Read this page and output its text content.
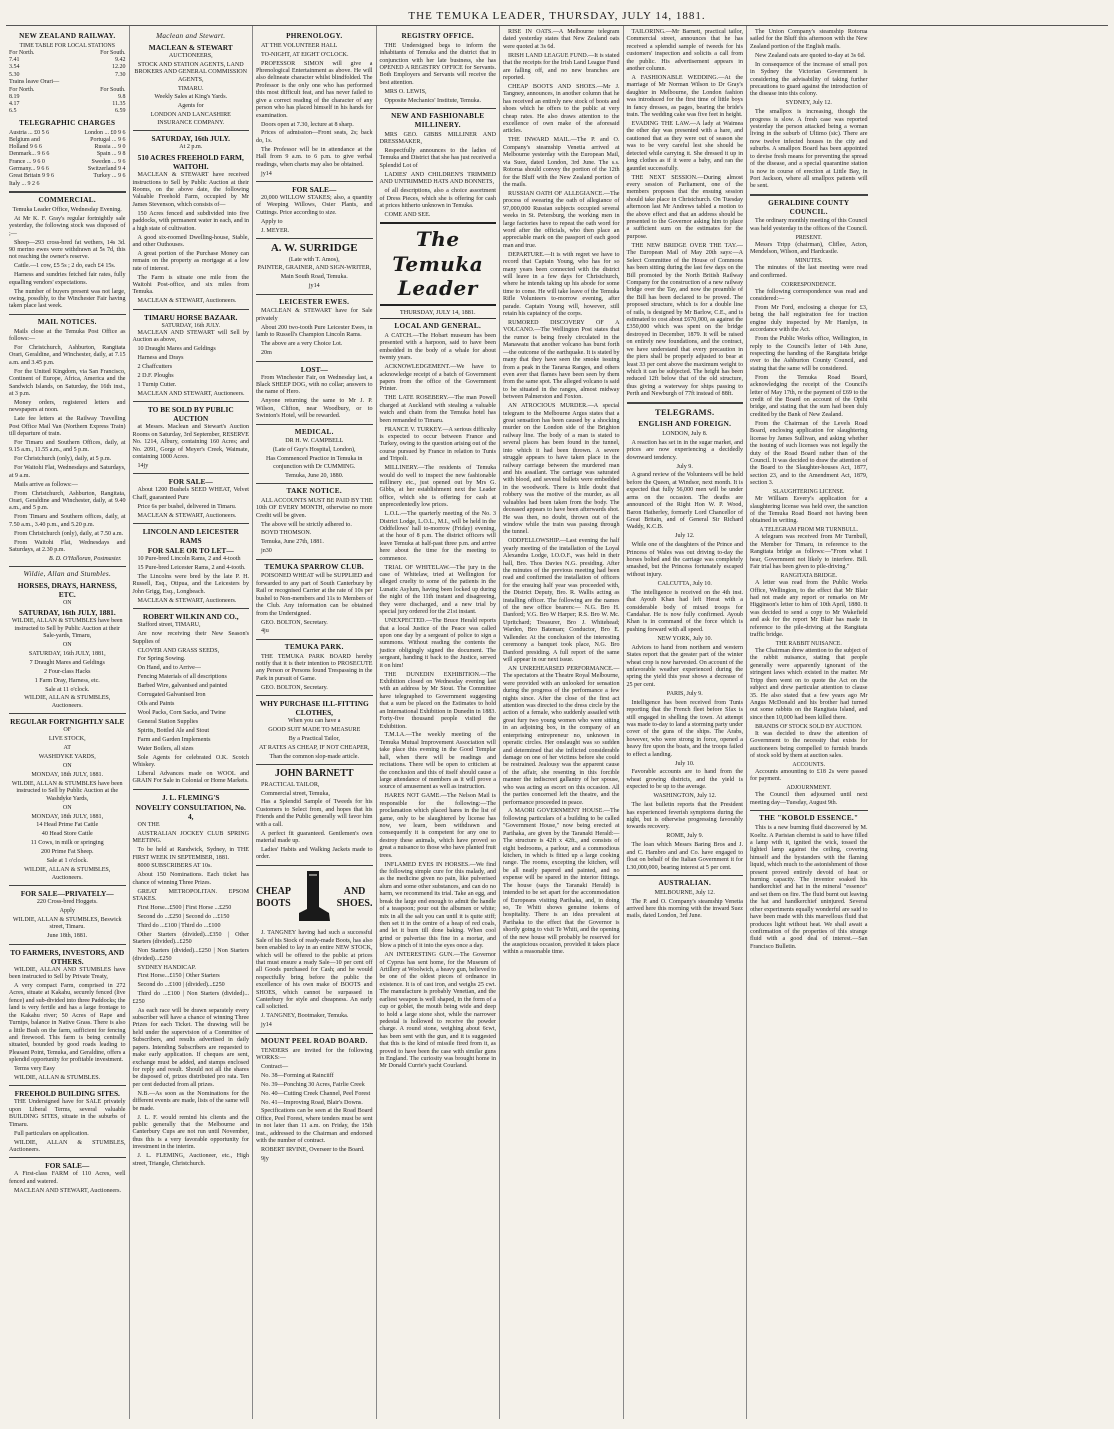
THE TEMUKA LEADER, THURSDAY, JULY 14, 1881.
NEW ZEALAND RAILWAY.
TIME TABLE FOR LOCAL STATIONS
For North.	For South.
7.41	9.42
3.54	12.20
5.30	7.30
Trains leave Orari—
For North.	For South.
8.19	9.8
4.17	11.35
6.5	6.59
TELEGRAPHIC CHARGES
Austria ... £0 5 6	London ... £0 9 6
Belgium and	Portugal ... 9 6
Holland 9 6 6	Russia ... 9 0
Denmark... 9 6 6	Spain ... 9 8
France ... 9 6 0	Sweden ... 9 6
Germany... 9 6 6	Switzerland 9 4
Great Britain 9 9 6	Turkey ... 9 6
Italy ... 9 2 6
COMMERCIAL.

Temuka Leader Office, Wednesday Evening.

At Mr K. F. Gray's regular fortnightly sale yesterday, the following stock was disposed of ;—

Sheep—293 cross-bred fat wethers, 14s 3d. 90 merino ewes were withdrawn at 5s 7d, this not reaching the owner's reserve.

Cattle.—1 cow, £5 5s ; 2 do, each £4 15s.

Harness and sundries fetched fair rates, fully equalling vendors' expectations.

The number of buyers present was not large, owing, possibly, to the Winchester Fair having taken place last week.

MAIL NOTICES.

Mails close at the Temuka Post Office as follows:—

For Christchurch, Ashburton, Rangitata Orari, Geraldine, and Winchester, daily, at 7.15 a.m. and 3.45 p.m.

For the United Kingdom, via San Francisco, Continent of Europe, Africa, America and the Sandwich Islands, on Saturday, the 16th inst., at 3 p.m.

Money orders, registered letters and newspapers at noon.

Late fee letters at the Railway Travelling Post Office Mail Van (Northern Express Train) till departure of train.

For Timaru and Southern Offices, daily, at 9.15 a.m., 11.55 a.m., and 5 p.m.

For Christchurch (only), daily, at 5 p.m.

For Waitohi Flat, Wednesdays and Saturdays, at 9 a.m.

Mails arrive as follows:—

From Christchurch, Ashburton, Rangitata, Orari, Geraldine and Winchester, daily, at 9.40 a.m., and 5 p.m.

From Timaru and Southern offices, daily, at 7.50 a.m., 3.40 p.m., and 5.20 p.m.

From Christchurch (only), daily, at 7.50 a.m.

From Waitohi Flat, Wednesdays and Saturdays, at 2.30 p.m.

B. D. O'Halloran, Postmaster.
Wildie, Allan and Stumbles.
HORSES, DRAYS, HARNESS, ETC.
ON
SATURDAY, 16th JULY, 1881.

WILDIE, ALLAN & STUMBLES have been instructed to Sell by Public Auction at their Sale-yards, Timaru,

ON

SATURDAY, 16th JULY, 1881,

7 Draught Mares and Geldings

2 Four-class Hacks

1 Farm Dray, Harness, etc.

Sale at 11 o'clock.

WILDIE, ALLAN & STUMBLES, Auctioneers.

REGULAR FORTNIGHTLY SALE

OF

LIVE STOCK,

AT

WASHDYKE YARDS,

ON

MONDAY, 18th JULY, 1881.

WILDIE, ALLAN & STUMBLES have been instructed to Sell by Public Auction at the Washdyke Yards,

ON

MONDAY, 18th JULY, 1881,

14 Head Prime Fat Cattle

40 Head Store Cattle

11 Cows, in milk or springing

200 Prime Fat Sheep.

Sale at 1 o'clock.

WILDIE, ALLAN & STUMBLES, Auctioneers.

FOR SALE—PRIVATELY—

220 Cross-bred Hoggets.

Apply

WILDIE, ALLAN & STUMBLES, Beswick street, Timaru.

June 18th, 1881.

TO FARMERS, INVESTORS, AND OTHERS.

WILDIE, ALLAN AND STUMBLES have been instructed to Sell by Private Treaty,

A very compact Farm, comprised in 272 Acres, situate at Kakahu, securely fenced (live fence) and sub-divided into three Paddocks; the land is very fertile and has a large frontage to the Kakahu river; 50 Acres of Rape and Turnips, balance in Native Grass. There is also a little Bush on the farm, sufficient for fencing and firewood. This farm is being centrally situated, bounded by good roads leading to Pleasant Point, Temuka, and Geraldine, offers a splendid opportunity for profitable investment.

Terms very Easy

WILDIE, ALLAN & STUMBLES.

FREEHOLD BUILDING SITES.

THE Undersigned have for SALE privately upon Liberal Terms, several valuable BUILDING SITES, situate in the suburbs of Timaru.

Full particulars on application.

WILDIE, ALLAN & STUMBLES, Auctioneers.

FOR SALE—

A First-class FARM of 110 Acres, well fenced and watered.

MACLEAN AND STEWART, Auctioneers.

Maclean and Stewart.
MACLEAN & STEWART

AUCTIONEERS,

STOCK AND STATION AGENTS, LAND BROKERS AND GENERAL COMMISSION AGENTS,

TIMARU.

Weekly Sales at King's Yards.

Agents for

LONDON AND LANCASHIRE INSURANCE COMPANY.

SATURDAY, 16th JULY.

At 2 p.m.

510 ACRES FREEHOLD FARM, WAITOHI.

MACLEAN & STEWART have received instructions to Sell by Public Auction at their Rooms, on the above date, the following Valuable Freehold Farm, occupied by Mr James Stevenson, which consists of—

150 Acres fenced and subdivided into five paddocks, with permanent water in each, and in a high state of cultivation.

A good six-roomed Dwelling-house, Stable, and other Outhouses.

A great portion of the Purchase Money can remain on the property as mortgage at a low rate of interest.

The Farm is situate one mile from the Waitohi Post-office, and six miles from Temuka.

MACLEAN & STEWART, Auctioneers.

TIMARU HORSE BAZAAR.
SATURDAY, 16th JULY.

MACLEAN AND STEWART will Sell by Auction as above,

10 Draught Mares and Geldings

Harness and Drays

2 Chaffcutters

2 D.F. Ploughs

1 Turnip Cutter.

MACLEAN AND STEWART, Auctioneers.

TO BE SOLD BY PUBLIC AUCTION

at Messrs. Maclean and Stewart's Auction Rooms on Saturday, 3rd September, RESERVE No. 1214, Albury, containing 160 Acres; and No. 2091, Gorge of Meyer's Creek, Waimate, containing 1000 Acres.

14jy

FOR SALE—

About 1200 Bushels SEED WHEAT, Velvet Chaff, guaranteed Pure

Price 6s per bushel, delivered in Timaru.

MACLEAN & STEWART, Auctioneers.

LINCOLN AND LEICESTER RAMS
FOR SALE OR TO LET—

10 Pure-bred Lincoln Rams, 2 and 4-tooth

15 Pure-bred Leicester Rams, 2 and 4-tooth.

The Lincolns were bred by the late P. H. Russell, Esq., Otipua, and the Leicesters by John Grigg, Esq., Longbeach.

MACLEAN & STEWART, Auctioneers.

ROBERT WILKIN AND CO.,

Stafford street, TIMARU,

Are now receiving their New Season's Supplies of

CLOVER AND GRASS SEEDS,

For Spring Sowing.

On Hand, and to Arrive—

Fencing Materials of all descriptions

Barbed Wire, galvanised and painted

Corrugated Galvanised Iron

Oils and Paints

Wool Packs, Corn Sacks, and Twine

General Station Supplies

Spirits, Bottled Ale and Stout

Farm and Garden Implements

Water Boilers, all sizes

Sole Agents for celebrated O.K. Scotch Whiskey.

Liberal Advances made on WOOL and GRAIN For Sale in Colonial or Home Markets.

J. L. FLEMING'S
NOVELTY CONSULTATION, No. 4,

ON THE

AUSTRALIAN JOCKEY CLUB SPRING MEETING.

To be held at Randwick, Sydney, in THE FIRST WEEK IN SEPTEMBER, 1881.

8000 SUBSCRIBERS AT 10s.

About 150 Nominations. Each ticket has chance of winning Three Prizes.

GREAT METROPOLITAN. EPSOM STAKES.

First Horse...£500 | First Horse ...£250

Second do ...£250 | Second do ...£150

Third do ...£100 | Third do ...£100

Other Starters (divided)...£350 | Other Starters (divided)...£250

Non Starters (divided)...£250 | Non Starters (divided)...£250

SYDNEY HANDICAP.

First Horse...£150 | Other Starters

Second do ...£100 | (divided)...£250

Third do ...£100 | Non Starters (divided)...£250

As each race will be drawn separately every subscriber will have a chance of winning Three Prizes for each Ticket. The drawing will be held under the supervision of a Committee of Subscribers, and results advertised in daily papers. Intending Subscribers are requested to make early application. If cheques are sent, exchange must be added, and stamps enclosed for reply and result. Should not all the shares be disposed of, prizes distributed pro rata. Ten per cent deducted from all prizes.

N.B.—As soon as the Nominations for the different events are made, lists of the same will be made.

J. L. F. would remind his clients and the public generally that the Melbourne and Canterbury Cups are not run until November, thus this is a very favorable opportunity for investment in the interim.

J. L. FLEMING, Auctioneer, etc., High street, Triangle, Christchurch.

PHRENOLOGY.

AT THE VOLUNTEER HALL

TO-NIGHT, AT EIGHT O'CLOCK.

PROFESSOR SIMON will give a Phrenological Entertainment as above. He will also delineate character whilst blindfolded. The Professor is the only one who has performed this most difficult feat, and has never failed to give a correct reading of the character of any person who has placed himself in his hands for examination.

Doors open at 7.30, lecture at 8 sharp.

Prices of admission—Front seats, 2s; back do, 1s.

The Professor will be in attendance at the Hall from 9 a.m. to 6 p.m. to give verbal readings, when charts may also be obtained.

jy14

FOR SALE—

20,000 WILLOW STAKES; also, a quantity of Weeping Willows, Osier Plants, and Cuttings. Price according to size.

Apply to

J. MEYER.

A. W. SURRIDGE

(Late with T. Amos),

PAINTER, GRAINER, AND SIGN-WRITER,

Main South Road, Temuka.

jy14

LEICESTER EWES.

MACLEAN & STEWART have for Sale privately

About 200 two-tooth Pure Leicester Ewes, in lamb to Russell's Champion Lincoln Rams.

The above are a very Choice Lot.

20m

LOST—

From Winchester Fair, on Wednesday last, a Black SHEEP DOG, with no collar; answers to the name of Hero.

Anyone returning the same to Mr J. P. Wilson, Clifton, near Woodbury, or to Swinton's Hotel, will be rewarded.

MEDICAL.

DR H. W. CAMPBELL

(Late of Guy's Hospital, London),

Has Commenced Practice in Temuka in conjunction with Dr CUMMING.

Temuka, June 20, 1880.

TAKE NOTICE.

ALL ACCOUNTS MUST BE PAID BY THE 10th OF EVERY MONTH, otherwise no more Credit will be given.

The above will be strictly adhered to.

BOYD THOMSON.

Temuka, June 27th, 1881.

jn30

TEMUKA SPARROW CLUB.

POISONED WHEAT will be SUPPLIED and forwarded to any part of South Canterbury by Rail or recognised Carrier at the rate of 10s per bushel to Non-members and 11s to Members of the Club. Any information can be obtained from the Undersigned.

GEO. BOLTON, Secretary.

4ju

TEMUKA PARK.

THE TEMUKA PARK BOARD hereby notify that it is their intention to PROSECUTE any Person or Persons found Trespassing in the Park in pursuit of Game.

GEO. BOLTON, Secretary.

WHY PURCHASE ILL-FITTING CLOTHES,

When you can have a

GOOD SUIT MADE TO MEASURE

By a Practical Tailor,

AT RATES AS CHEAP, IF NOT CHEAPER,

Than the common slop-made article.

JOHN BARNETT

PRACTICAL TAILOR,

Commercial street, Temuka,

Has a Splendid Sample of Tweeds for his Customers to Select from, and hopes that his Friends and the Public generally will favor him with a call.

A perfect fit guaranteed. Gentlemen's own material made up.

Ladies' Habits and Walking Jackets made to order.

CHEAP
BOOTS
AND
SHOES.

J. TANGNEY having had such a successful Sale of his Stock of ready-made Boots, has also been enabled to lay in an entire NEW STOCK, which will be offered to the public at prices that must ensure a ready Sale—10 per cent off all Goods purchased for Cash; and he would respectfully bring before the public the excellence of his own make of BOOTS and SHOES, which cannot be surpassed in Canterbury for style and cheapness. An early call solicited.

J. TANGNEY, Bootmaker, Temuka.

jy14

MOUNT PEEL ROAD BOARD.

TENDERS are invited for the following WORKS:—

Contract—

No. 38—Forming at Rainciiff

No. 39—Ponching 30 Acres, Fairlie Creek

No. 40—Cutting Creek Channel, Peel Forest

No. 41—Improving Road, Blair's Downs.

Specifications can be seen at the Road Board Office, Peel Forest, where tenders must be sent in not later than 11 a.m. on Friday, the 15th inst., addressed to the Chairman and endorsed with the number of contract.

ROBERT IRVINE, Overseer to the Board.

9jy

REGISTRY OFFICE.

THE Undersigned begs to inform the inhabitants of Temuka and the district that in conjunction with her late business, she has OPENED A REGISTRY OFFICE for Servants. Both Employers and Servants will receive the best attention.

MRS O. LEWIS,

Opposite Mechanics' Institute, Temuka.

NEW AND FASHIONABLE MILLINERY.

MRS GEO. GIBBS MILLINER AND DRESSMAKER,

Respectfully announces to the ladies of Temuka and District that she has just received a Splendid Lot of

LADIES' AND CHILDREN'S TRIMMED AND UNTRIMMED HATS AND BONNETS,

of all descriptions, also a choice assortment of Dress Pieces, which she is offering for cash at prices hitherto unknown in Temuka.

COME AND SEE.

The Temuka Leader
THURSDAY, JULY 14, 1881.
LOCAL AND GENERAL.

A CATCH.—The Hobart museum has been presented with a harpoon, said to have been embedded in the body of a whale for about twenty years.

ACKNOWLEDGEMENT.—We have to acknowledge receipt of a batch of Government papers from the office of the Government Printer.

THE LATE ROSEBERY.—The man Powell charged at Auckland with stealing a valuable watch and chain from the Temuka hotel has been remanded to Timaru.

FRANCE V. TURKEY.—A serious difficulty is expected to occur between France and Turkey, owing to the question arising out of the course pursued by France in relation to Tunis and Tripoli.

MILLINERY.—The residents of Temuka would do well to inspect the new fashionable millinery etc., just opened out by Mrs G. Gibbs, at her establishment next the Leader office, which she is offering for cash at unprecedentedly low prices.

L.O.L.—The quarterly meeting of the No. 3 District Lodge, L.O.L., M.I., will be held in the Oddfellows' hall to-morrow (Friday) evening, at the hour of 8 p.m. The district officers will leave Temuka at half-past three p.m. and arrive here about the time for the meeting to commence.

TRIAL OF WHITELAW.—The jury in the case of Whitelaw, tried at Wellington for alleged cruelty to some of the patients in the Lunatic Asylum, having been locked up during the night of the 11th instant and disagreeing, they were discharged, and a new trial by special jury ordered for the 21st instant.

UNEXPECTED.—The Bruce Herald reports that a local Justice of the Peace was called upon one day by a sergeant of police to sign a summons. Without reading the contents the justice obligingly signed the document. The sergeant, handing it back to the Justice, served it on him!

THE DUNEDIN EXHIBITION.—The Exhibition closed on Wednesday evening last with an address by Mr Stout. The Committee have telegraphed to Government suggesting that a sum be placed on the Estimates to hold an International Exhibition in Dunedin in 1883. Forty-five thousand people visited the Exhibition.

T.M.I.A.—The weekly meeting of the Temuka Mutual Improvement Association will take place this evening in the Good Templar hall, when there will be readings and recitations. There will be open to criticism at the conclusion and this of itself should cause a large attendance of members as it will prove a source of amusement as well as instruction.

HARES NOT GAME.—The Nelson Mail is responsible for the following:—The proclamation which placed hares in the list of game, only to be slaughtered by license has now, we learn, been withdrawn and consequently it is competent for any one to destroy these animals, which have proved so great a nuisance to those who have planted fruit trees.

INFLAMED EYES IN HORSES.—We find the following simple cure for this malady, and as the medicine given no pain, like pulverised alum and some other substances, and can do no harm, we recommend its trial. Take an egg, and break the large end enough to admit the handle of a teaspoon; pour out the albumen or white; mix in all the salt you can until it is quite stiff; then set it in the centre of a heap of red coals, and let it burn till done baking. When cool grind or pulverise this fine in a mortar, and blow a pinch of it into the eyes once a day.

AN INTERESTING GUN.—The Governor of Cyprus has sent home, for the Museum of Artillery at Woolwich, a heavy gun, believed to be one of the oldest pieces of ordnance in existence. It is of cast iron, and weighs 25 cwt. The manufacture is probably Venetian, and the earliest weapon is well shaped, in the form of a cup or goblet, the mouth being wide and deep to hold a large stone shot, while the narrower pedestal is hollowed to receive the powder charge. A round stone, weighing about 6cwt, has been sent with the gun, and it is suggested that this is the kind of missile fired from it, as proved to have been the case with similar guns in England. The curiosity was brought home in Mr Donald Currie's yacht Courland.

RISE IN OATS.—A Melbourne telegram dated yesterday states that New Zealand oats were quoted at 3s 6d.

IRISH LAND LEAGUE FUND.—It is stated that the receipts for the Irish Land League Fund are falling off, and no new branches are reported.

CHEAP BOOTS AND SHOES.—Mr J. Tangney, announces, in another column that he has received an entirely new stock of boots and shoes which he offers to the public at very cheap rates. He also draws attention to the excellence of own make of the aforesaid articles.

THE INWARD MAIL.—The P. and O. Company's steamship Venetia arrived at Melbourne yesterday with the European Mail, via Suez, dated London, 3rd June. The s.s. Rotorua should convey the portion of the 12th for the Bluff with the New Zealand portion of the mails.

RUSSIAN OATH OF ALLEGIANCE.—The process of swearing the oath of allegiance of 97,000,000 Russian subjects occupied several weeks in St. Petersburg, the working men in large factories have to repeat the oath word for word after the officials, who then place an appreciable mark on the passport of each good man and true.

DEPARTURE.—It is with regret we have to record that Captain Young, who has for so many years been connected with the district will leave in a few days for Christchurch, where he intends taking up his abode for some time to come. He will take leave of the Temuka Rifle Volunteers to-morrow evening, after parade. Captain Young will, however, still retain his captaincy of the corps.

RUMORED DISCOVERY OF A VOLCANO.—The Wellington Post states that the rumor is being freely circulated in the Manawatu that another volcano has burst forth—the outcome of the earthquake. It is stated by many that they have seen the smoke issuing from a peak in the Tararua Ranges, and others even aver that flames have been seen by them from the same spot. The alleged volcano is said to be situated in the ranges, almost midway between Palmerston and Foxton.

AN ATROCIOUS MURDER.—A special telegram to the Melbourne Argus states that a great sensation has been caused by a shocking murder on the London side of the Brighton railway line. The body of a man is stated to several places has been found in the tunnel, into which it had been thrown. A severe struggle appears to have taken place in the railway carriage between the murdered man and his assailant. The carriage was saturated with blood, and several bullets were embedded in the woodwork. There is little doubt that robbery was the motive of the murder, as all valuables had been taken from the body. The deceased appears to have been afterwards shot. He was then, no doubt, thrown out of the window while the train was passing through the tunnel.

ODDFELLOWSHIP.—Last evening the half yearly meeting of the installation of the Loyal Alexandra Lodge, I.O.O.F., was held in their hall, Bro. Thos Davies N.G. presiding. After the minutes of the previous meeting had been read and confirmed the installation of officers for the ensuing half year was proceeded with, the District Deputy, Bro. R. Wallis acting as installing officer. The following are the names of the new office bearers:— N.G. Bro H. Danford; V.G. Bro W Harper; R.S. Bro W. Mc. Upritchard; Treasurer, Bro J. Whitehead; Warden, Bro Bateman; Conductor, Bro E. Vallender. At the conclusion of the interesting ceremony a banquet took place, N.G. Bro Danford presiding. A full report of the same will appear in our next issue.

AN UNREHEARSED PERFORMANCE.—The spectators at the Theatre Royal Melbourne, were provided with an unlooked for sensation during the progress of the performance a few nights since. After the close of the first act attention was directed to the dress circle by the action of a female, who suddenly assailed with great fury two young women who were sitting in an adjoining box, in the company of an enterprising entrepreneur no, unknown in operatic circles. Her onslaught was so sudden and determined that she inflicted considerable damage on one of her victims before she could be restrained. Jealousy was the apparent cause of the affair, she resenting in this forcible manner the indiscreet gallantry of her spouse, who was acting as escort on this occasion. All the parties concerned left the theatre, and the performance proceeded in peace.

A MAORI GOVERNMENT HOUSE.—The following particulars of a building to be called "Government House," now being erected at Parihaka, are given by the Taranaki Herald:—The structure is 42ft x 42ft., and consists of eight bedrooms, a parlour, and a commodious kitchen, in which is fitted up a large cooking range. The rooms, excepting the kitchen, will be all neatly papered and painted, and no expense will be spared in the interior fittings. The house (says the Taranaki Herald) is intended to be set apart for the accommodation of Europeans visiting Parihaka, and, in doing so, Te Whiti shows genuine tokens of hospitality. There is an idea prevalent at Parihaka to the effect that the Governor is shortly going to visit Te Whiti, and the opening of the new house will probably be reserved for the auspicious occasion, provided it takes place within a reasonable time.

TAILORING.—Mr Barnett, practical tailor, Commercial street, announces that he has received a splendid sample of tweeds for his customers' inspection and solicits a call from the public. His advertisement appears in another column.

A FASHIONABLE WEDDING.—At the marriage of Mr Norman Wilson to Dr Gray's daughter in Melbourne, the London fashion was introduced for the first time of little boys in fancy dresses, as pages, bearing the bride's train. The wedding cake was five feet in height.

EVADING THE LAW.—A lady at Waimea the other day was presented with a hare, and cautioned that as they were out of season she was to be very careful lest she should be detected while carrying it. She dressed it up in long clothes as if it were a baby, and ran the gauntlet successfully.

THE NEXT SESSION.—During almost every session of Parliament, one of the members proposes that the ensuing session should take place in Christchurch. On Tuesday afternoon last Mr Andrews tabled a motion to the above effect and that an address should be presented to the Governor asking him to place a sufficient sum on the estimates for the purpose.

THE NEW BRIDGE OVER THE TAY.—The European Mail of May 20th says:—A Select Committee of the House of Commons has been sitting during the last few days on the Bill promoted by the North British Railway Company for the construction of a new railway bridge over the Tay, and now the preamble of the Bill has been declared to be proved. The proposed structure, which is for a double line of rails, is designed by Mr Barlow, C.E., and is estimated to cost about £670,000, as against the £350,000 which was spent on the bridge destroyed in December, 1879. It will be raised on entirely new foundations, and the contract, we have understand that every precaution in the piers shall be properly adjusted to bear at least 33 per cent above the maximum weight to which it can be subjected. The height has been reduced 12ft below that of the old structure, thus giving a waterway for ships passing to Perth and Newburgh of 77ft instead of 88ft.

TELEGRAMS.
ENGLISH AND FOREIGN.

LONDON, July 8.

A reaction has set in in the sugar market, and prices are now experiencing a decidedly downward tendency.

July 9.

A grand review of the Volunteers will be held before the Queen, at Windsor, next month. It is expected that fully 56,000 men will be under arms on the occasion. The deaths are announced of the Right Hon W. P. Wood, Baron Hatherley, formerly Lord Chancellor of Great Britain, and of General Sir Richard Waddy, K.C.B.

July 12.

While one of the daughters of the Prince and Princess of Wales was out driving to-day the horses bolted and the carriage was completely smashed, but the Princess fortunately escaped without injury.

CALCUTTA, July 10.

The intelligence is received on the 4th inst. that Ayoub Khan had left Herat with a considerable body of mixed troops for Candahar. He is now fully confirmed. Ayoub Khan is in command of the force which is pushing forward with all speed.

NEW YORK, July 10.

Advices to hand from northern and western States report that the greater part of the winter wheat crop is now harvested. On account of the unfavorable weather experienced during the spring the yield this year shows a decrease of 25 per cent.

PARIS, July 9.

Intelligence has been received from Tunis reporting that the French fleet before Sfax is still engaged in shelling the town. At attempt was made to-day to land a storming party under cover of the guns of the ships. The Arabs, however, who were strong in force, opened a heavy fire upon the boats, and the troops failed to effect a landing.

July 10.

Favorable accounts are to hand from the wheat growing districts, and the yield is expected to be up to the average.

WASHINGTON, July 12.

The last bulletin reports that the President has experienced feverish symptoms during the night, but is otherwise progressing favorably towards recovery.

ROME, July 9.

The loan which Messrs Baring Bros and J. and C. Hambro and and Co. have engaged to float on behalf of the Italian Government it for L30,000,000, bearing interest at 5 per cent.

AUSTRALIAN.

MELBOURNE, July 12.

The P. and O. Company's steamship Venetia arrived here this morning with the inward Suez mails, dated London, 3rd June.

The Union Company's steamship Rotorua sailed for the Bluff this afternoon with the New Zealand portion of the English mails.

New Zealand oats are quoted to-day at 3s 6d.

In consequence of the increase of small pox in Sydney the Victorian Government is considering the advisability of taking further precautions to guard against the introduction of the disease into this colony.

SYDNEY, July 12.

The smallpox is increasing, though the progress is slow. A fresh case was reported yesterday the person attacked being a woman living in the suburb of Ultimo (sic). There are now twelve infected houses in the city and suburbs. A smallpox Board has been appointed to devise fresh means for preventing the spread of the disease, and a special quarantine station is now in course of erection at Little Bay, in Port Jackson, where all smallpox patients will be sent.

GERALDINE COUNTY COUNCIL.

The ordinary monthly meeting of this Council was held yesterday in the offices of the Council.

PRESENT.

Messrs Tripp (chairman), Cliflee, Acton, Mendelson, Wilson, and Hardcastle.

MINUTES.

The minutes of the last meeting were read and confirmed.

CORRESPONDENCE.

The following correspondence was read and considered:—

From Mr Ford, enclosing a cheque for £3, being the half registration fee for traction engine duly inspected by Mr Hamlyn, in accordance with the Act.

From the Public Works office, Wellington, in reply to the Council's letter of 14th June, respecting the handing of the Rangitata bridge over to the Ashburton County Council, and stating that the same will be considered.

From the Temuka Road Board, acknowledging the receipt of the Council's letter of May 17th, re the payment of £69 to the credit of the Board on account of the Opihi bridge, and stating that the sum had been duly credited by the Bank of New Zealand.

From the Chairman of the Levels Road Board, enclosing application for slaughtering license by James Sullivan, and asking whether the issuing of such licenses was not legally the duty of the Road Board rather than of the Council. It was decided to draw the attention of the Board to the Slaughter-houses Act, 1877, section 23, and to the Amendment Act, 1879, section 3.

SLAUGHTERING LICENSE.

Mr William Esvery's application for a slaughtering license was held over, the sanction of the Temuka Road Board not having been obtained in writing.

A TELEGRAM FROM MR TURNBULL.

A telegram was received from Mr Turnbull, the Member for Timaru, in reference to the Rangitata bridge as follows:—"From what I hear, Government not likely to interfere. Bill. Fair trial has been given to pile-driving."

RANGITATA BRIDGE.

A letter was read from the Public Works Office, Wellington, to the effect that Mr Blair had not made any report or remarks on Mr Higginson's letter to him of 10th April, 1880. It was decided to send a copy to Mr Wakefield and ask for the report Mr Blair has made in reference to the pile-driving at the Rangitata traffic bridge.

THE RABBIT NUISANCE.

The Chairman drew attention to the subject of the rabbit nuisance, stating that people generally were apparently ignorant of the stringent laws which existed in the matter. Mr Tripp then went on to quote the Act on the subject and drew particular attention to clause 35. He also stated that a few years ago Mr Angus McDonald and his brother had turned out some rabbits on the Rangitata Island, and since then 10,000 had been killed there.

BRANDS OF STOCK SOLD BY AUCTION.

It was decided to draw the attention of Government to the necessity that exists for auctioneers being compelled to furnish brands of stock sold by them at auction sales.

ACCOUNTS.

Accounts amounting to £18 2s were passed for payment.

ADJOURNMENT.

The Council then adjourned until next meeting day—Tuesday, August 9th.

THE "KOBOLD ESSENCE."

This is a new burning fluid discovered by M. Koeltz. A Parisian chemist is said to have filled a lamp with it, ignited the wick, tossed the lighted lamp against the ceiling, covering himself and the bystanders with the flaming liquid, which much to the astonishment of those present proved entirely devoid of heat or burning capacity. The inventor soaked his handkerchief and hat in the mineral "essence" and set them on fire. The fluid burnt out leaving the hat and handkerchief uninjured. Several other experiments equally wonderful are said to have been made with this marvellous fluid that produces light without heat. We shall await a confirmation of the properties of this strange fluid with a good deal of interest.—San Francisco Bulletin.
